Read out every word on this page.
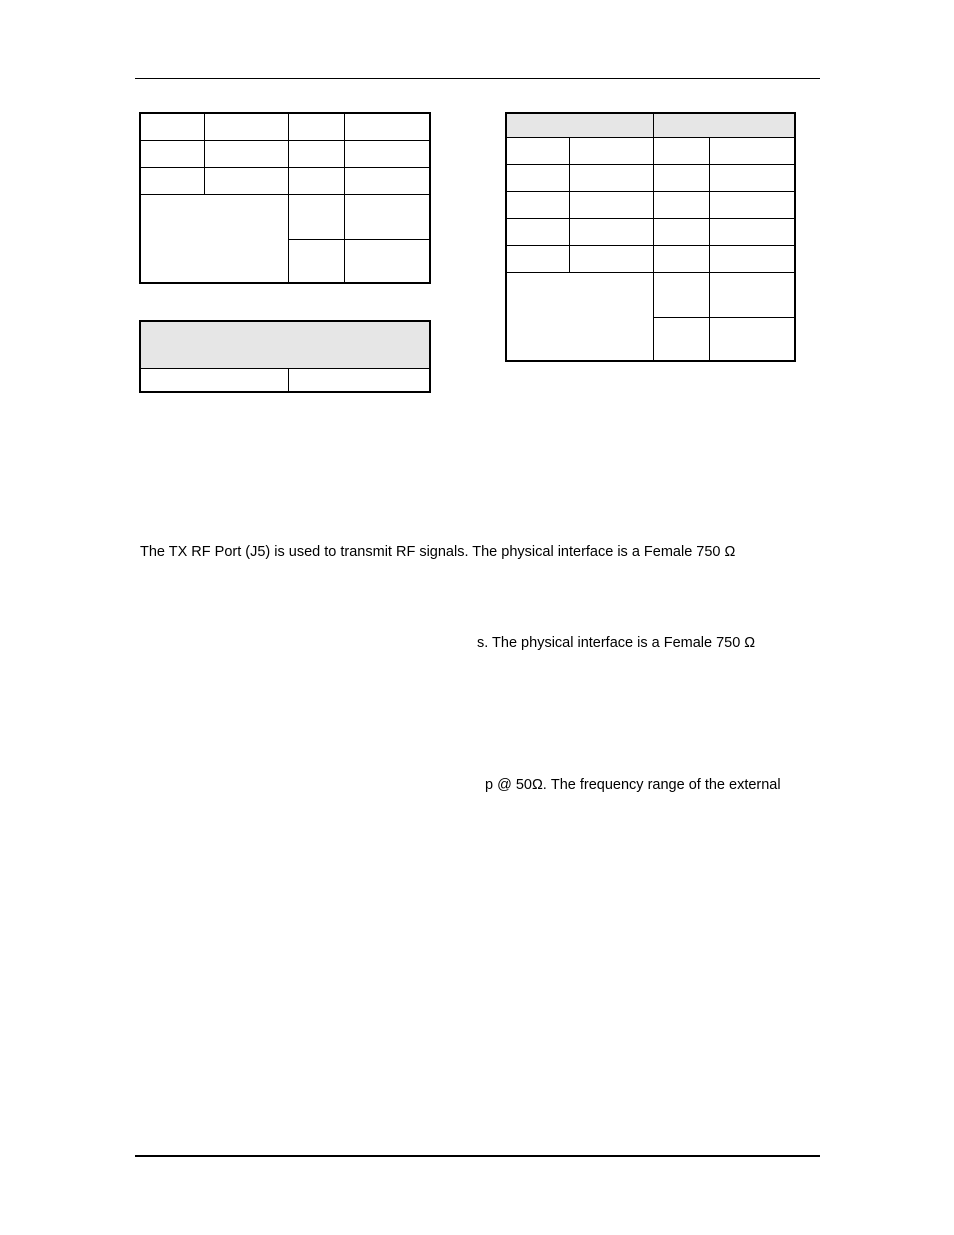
The TX RF Port (J5) is used to transmit RF signals. The physical interface is a Female 750 Ω
s. The physical interface is a Female 750 Ω
p @ 50Ω. The frequency range of the external
